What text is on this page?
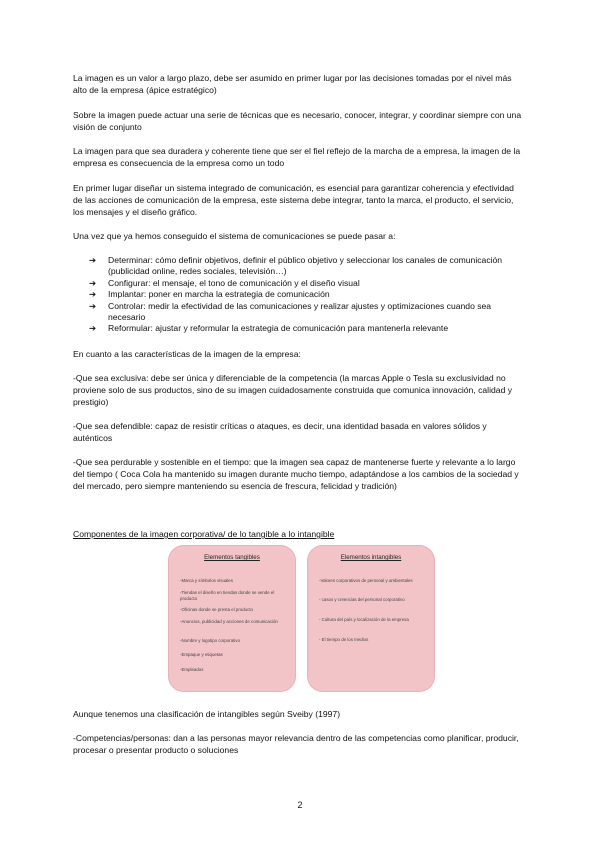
La imagen es un valor a largo plazo, debe ser asumido en primer lugar por las decisiones tomadas por el nivel más alto de la empresa (ápice estratégico)

Sobre la imagen puede actuar una serie de técnicas que es necesario, conocer, integrar, y coordinar siempre con una visión de conjunto

La imagen para que sea duradera y coherente tiene que ser el fiel reflejo de la marcha de a empresa, la imagen de la empresa es consecuencia de la empresa como un todo

En primer lugar diseñar un sistema integrado de comunicación, es esencial para garantizar coherencia y efectividad de las acciones de comunicación de la empresa, este sistema debe integrar, tanto la marca, el producto, el servicio, los mensajes y el diseño gráfico.

Una vez que ya hemos conseguido el sistema de comunicaciones se puede pasar a:

➔ Determinar: cómo definir objetivos, definir el público objetivo y seleccionar los canales de comunicación (publicidad online, redes sociales, televisión…)
➔ Configurar: el mensaje, el tono de comunicación y el diseño visual
➔ Implantar: poner en marcha la estrategia de comunicación
➔ Controlar: medir la efectividad de las comunicaciones y realizar ajustes y optimizaciones cuando sea necesario
➔ Reformular: ajustar y reformular la estrategia de comunicación para mantenerla relevante

En cuanto a las características de la imagen de la empresa:

-Que sea exclusiva: debe ser única y diferenciable de la competencia (la marcas Apple o Tesla su exclusividad no proviene solo de sus productos, sino de su imagen cuidadosamente construida que comunica innovación, calidad y prestigio)

-Que sea defendible: capaz de resistir críticas o ataques, es decir, una identidad basada en valores sólidos y auténticos

-Que sea perdurable y sostenible en el tiempo: que la imagen sea capaz de mantenerse fuerte y relevante a lo largo del tiempo ( Coca Cola ha mantenido su imagen durante mucho tiempo, adaptándose a los cambios de la sociedad y del mercado, pero siempre manteniendo su esencia de frescura, felicidad y tradición)

Componentes de la imagen corporativa/ de lo tangible a lo intangible

Elementos tangibles
-Marca y símbolos visuales
-Tiendas el diseño en tiendas donde se vende el producto
-Oficinas donde se presta el producto
-Anuncios, publicidad y acciones de comunicación
-Nombre y logotipo corporativo
-Empaque y etiquetas
-Empleados
Elementos intangibles
-Valores corporativos de personal y ambientales
- casos y creencias del personal corporativo
- Cultura del país y localización de la empresa
- El tiempo de los medios

Aunque tenemos una clasificación de intangibles según Sveiby (1997)

-Competencias/personas: dan a las personas mayor relevancia dentro de las competencias como planificar, producir, procesar o presentar producto o soluciones

2
